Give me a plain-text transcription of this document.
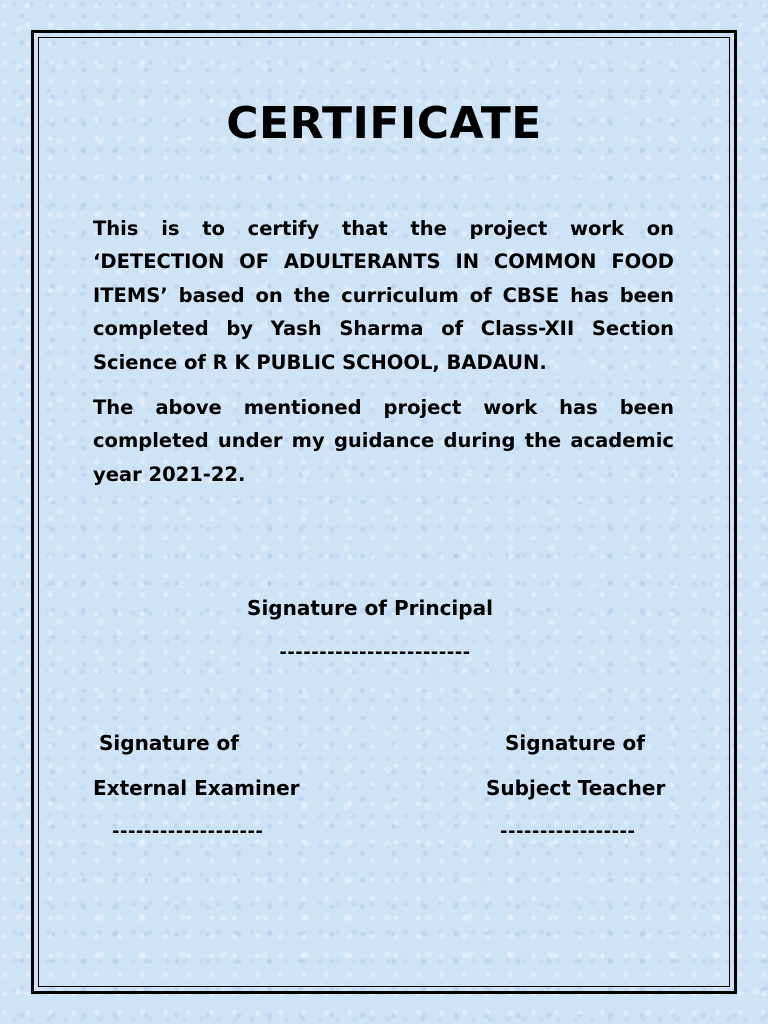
CERTIFICATE

This is to certify that the project work on ‘DETECTION OF ADULTERANTS IN COMMON FOOD ITEMS’ based on the curriculum of CBSE has been completed by Yash Sharma of Class-XII Section Science of R K PUBLIC SCHOOL, BADAUN.

The above mentioned project work has been completed under my guidance during the academic year 2021-22.

Signature of Principal

------------------------

Signature of

External Examiner

-------------------

Signature of

Subject Teacher

-----------------
